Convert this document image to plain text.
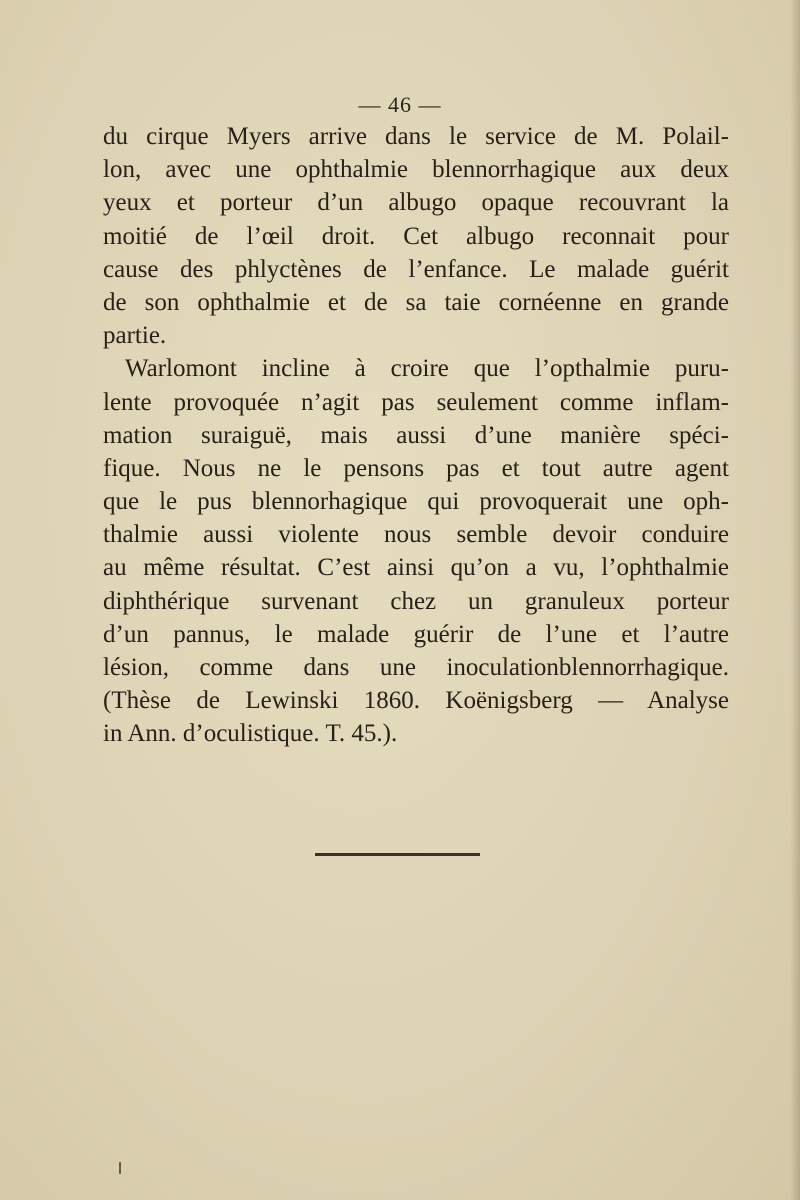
— 46 —
du cirque Myers arrive dans le service de M. Polail-
lon, avec une ophthalmie blennorrhagique aux deux
yeux et porteur d’un albugo opaque recouvrant la
moitié de l’œil droit. Cet albugo reconnait pour
cause des phlyctènes de l’enfance. Le malade guérit
de son ophthalmie et de sa taie cornéenne en grande
partie.
Warlomont incline à croire que l’opthalmie puru-
lente provoquée n’agit pas seulement comme inflam-
mation suraiguë, mais aussi d’une manière spéci-
fique. Nous ne le pensons pas et tout autre agent
que le pus blennorhagique qui provoquerait une oph-
thalmie aussi violente nous semble devoir conduire
au même résultat. C’est ainsi qu’on a vu, l’ophthalmie
diphthérique survenant chez un granuleux porteur
d’un pannus, le malade guérir de l’une et l’autre
lésion, comme dans une inoculationblennorrhagique.
(Thèse de Lewinski 1860. Koënigsberg — Analyse
in Ann. d’oculistique. T. 45.).
